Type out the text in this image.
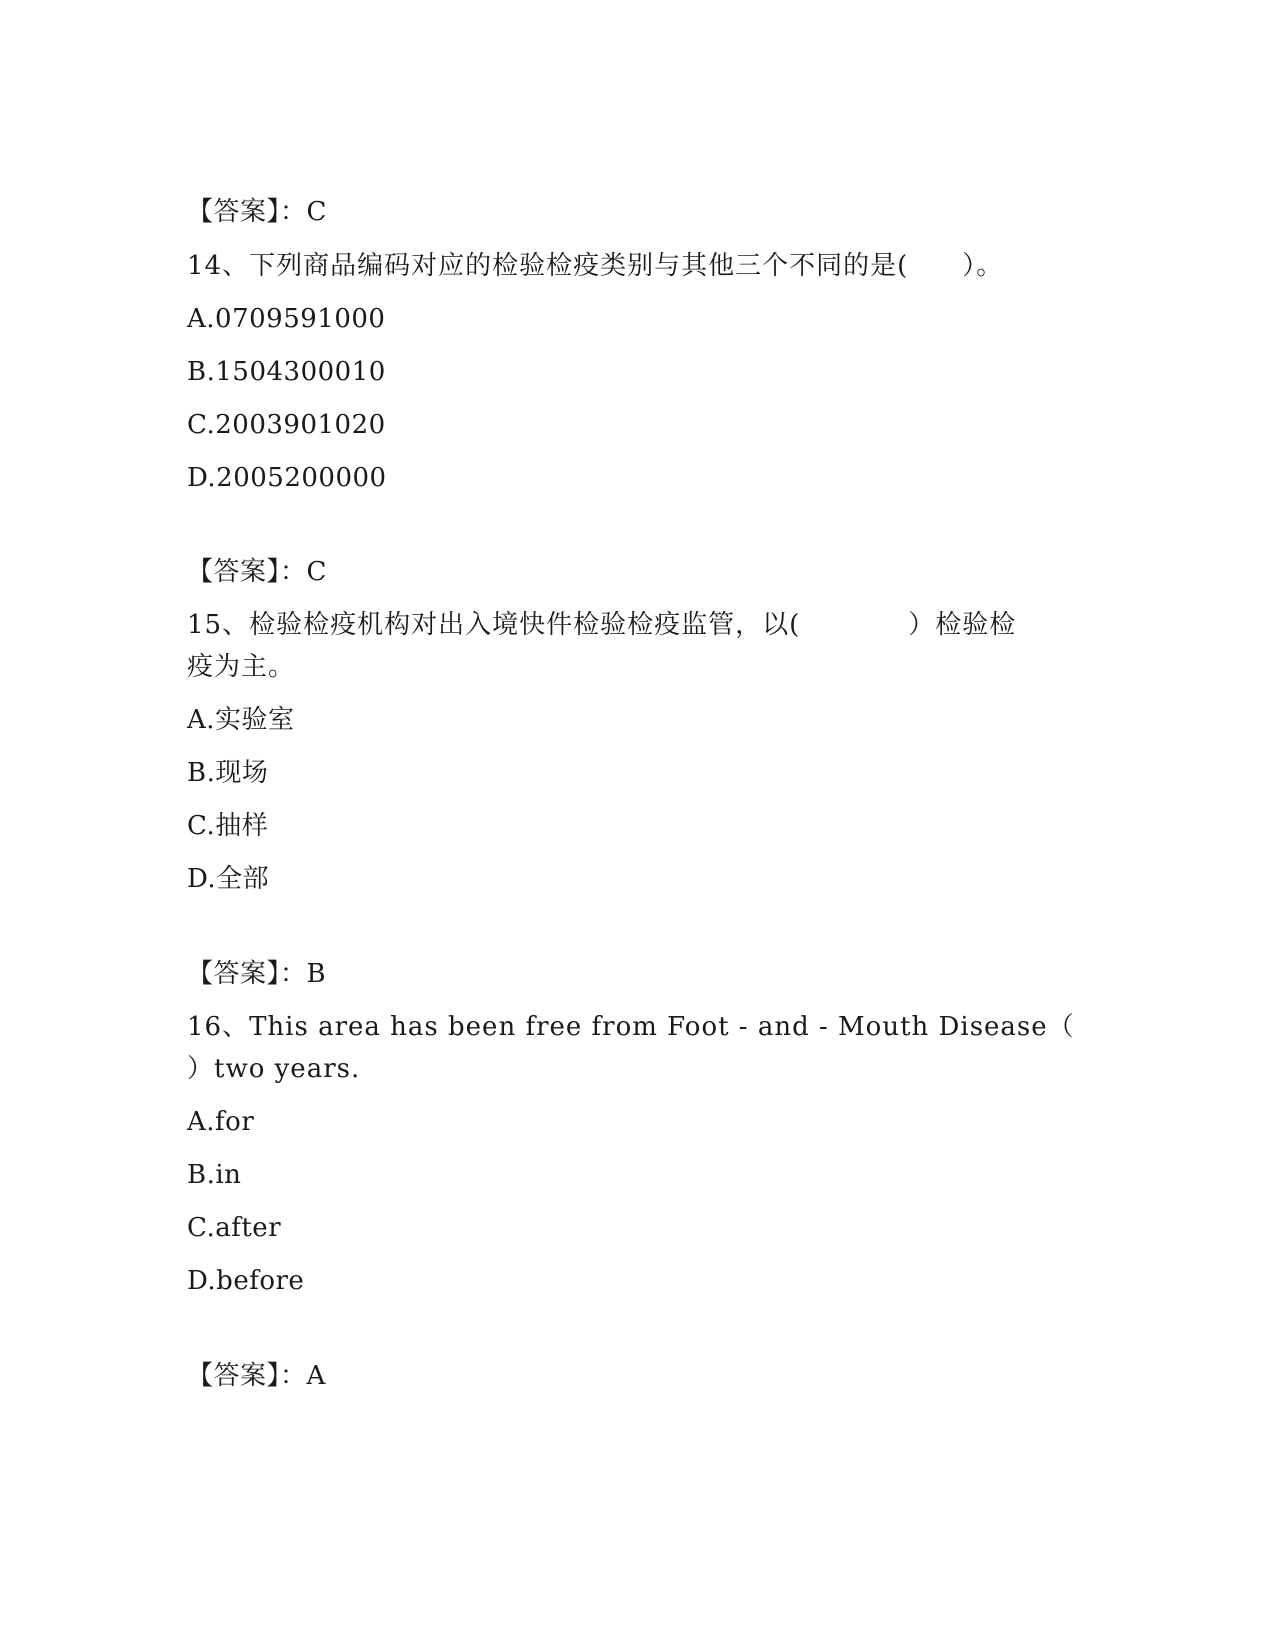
【答案】：C
14、下列商品编码对应的检验检疫类别与其他三个不同的是(　　）。
A.0709591000
B.1504300010
C.2003901020
D.2005200000
【答案】：C
15、检验检疫机构对出入境快件检验检疫监管，以(　　　　）检验检
疫为主。
A.实验室
B.现场
C.抽样
D.全部
【答案】：B
16、This area has been free from Foot - and - Mouth Disease（
）two years.
A.for
B.in
C.after
D.before
【答案】：A
